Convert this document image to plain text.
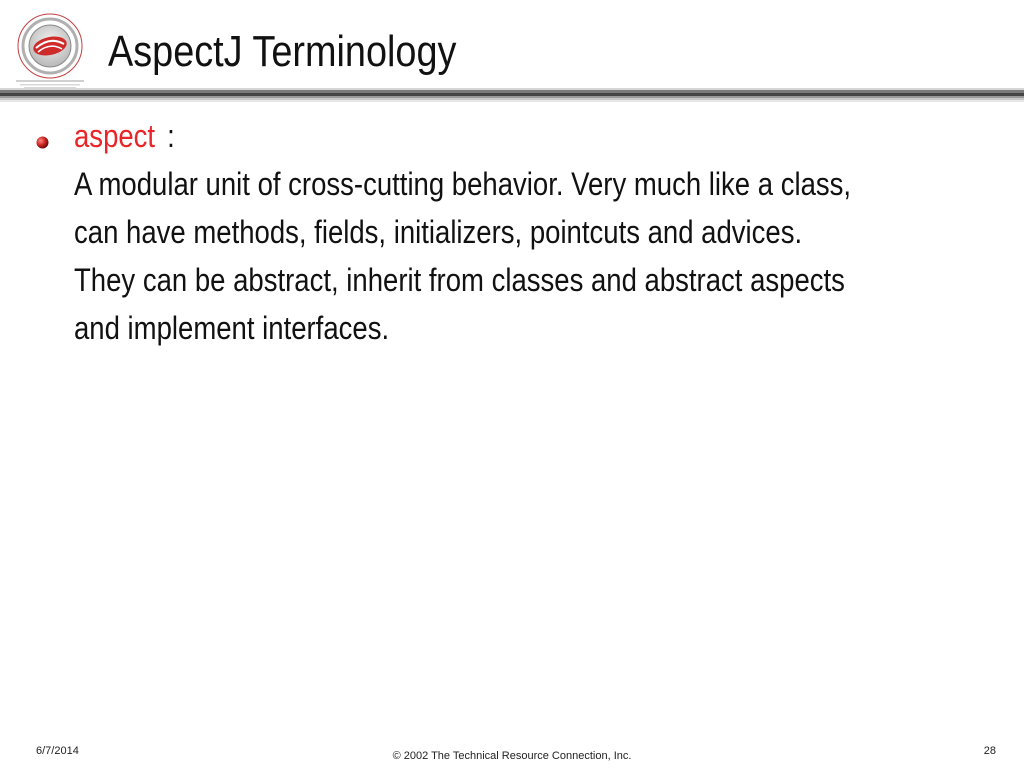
AspectJ Terminology
aspect :
A modular unit of cross-cutting behavior. Very much like a class,
can have methods, fields, initializers, pointcuts and advices.
They can be abstract, inherit from classes and abstract aspects
and implement interfaces.
6/7/2014	© 2002 The Technical Resource Connection, Inc.	28
